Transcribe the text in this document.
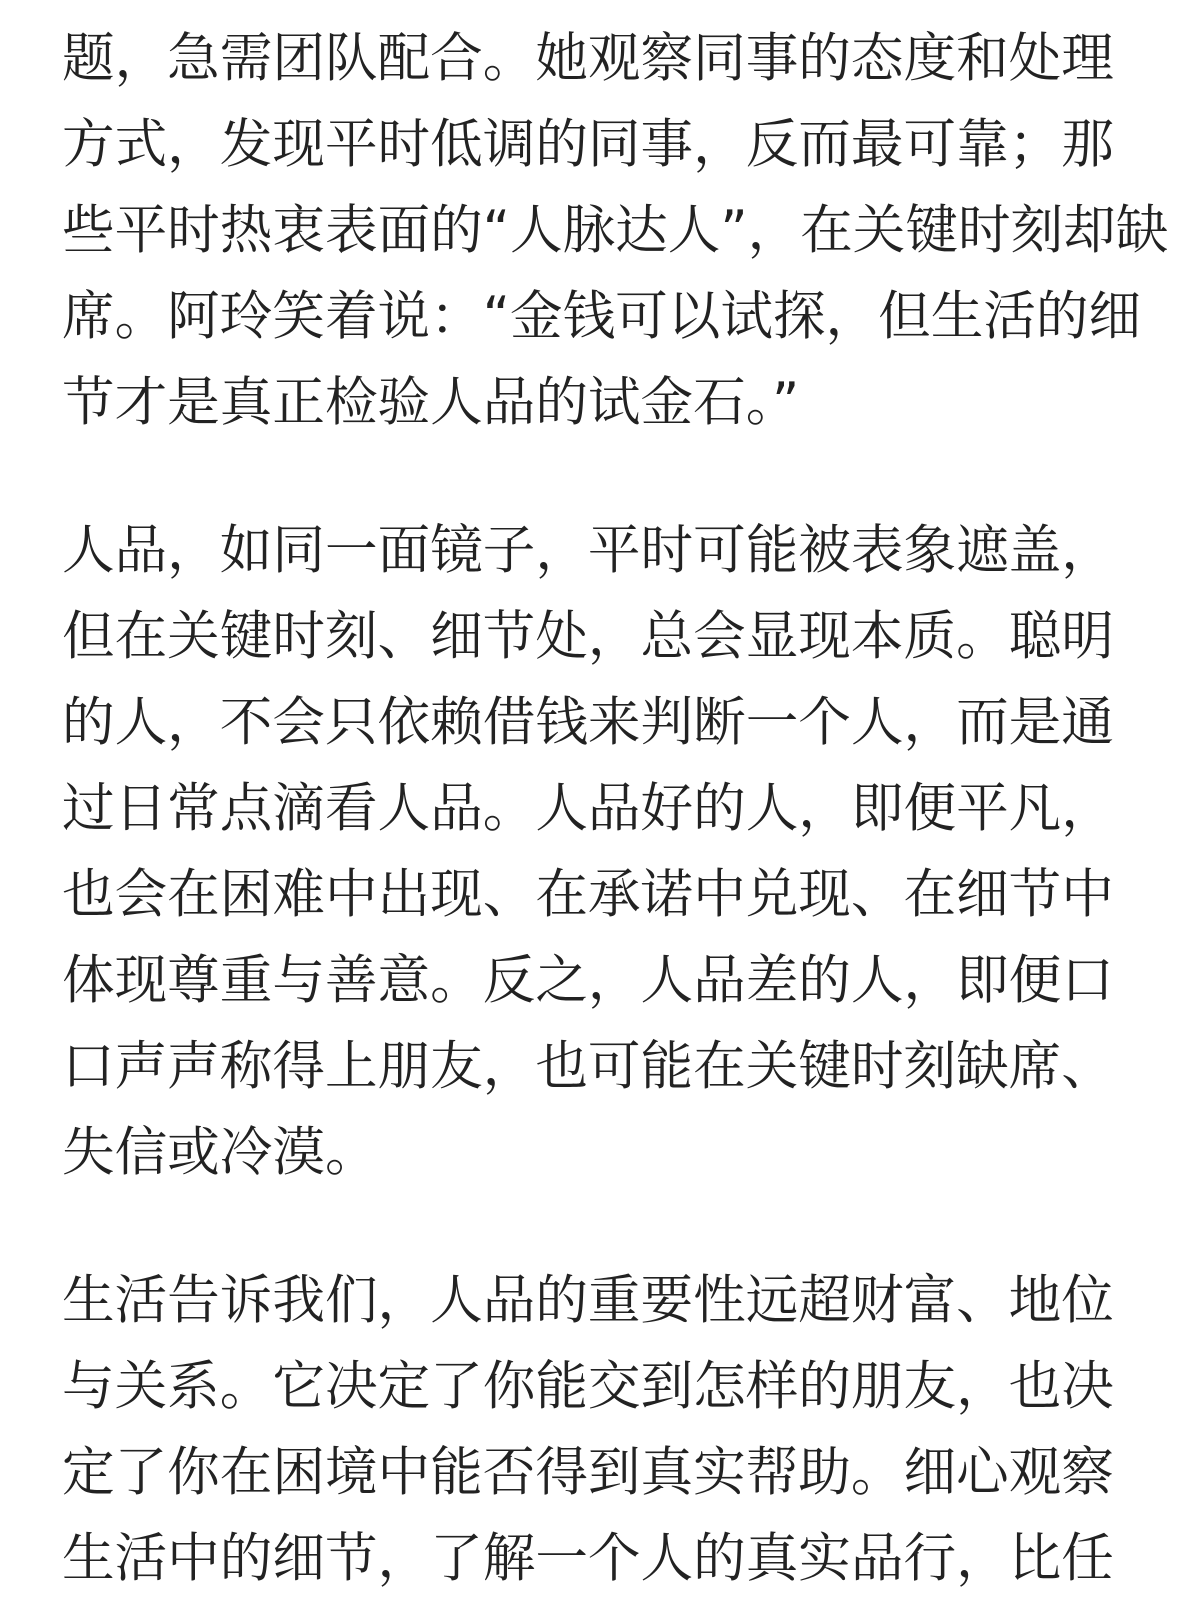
题，急需团队配合。她观察同事的态度和处理
方式，发现平时低调的同事，反而最可靠；那
些平时热衷表面的“人脉达人”，在关键时刻却缺
席。阿玲笑着说：“金钱可以试探，但生活的细
节才是真正检验人品的试金石。”
人品，如同一面镜子，平时可能被表象遮盖，
但在关键时刻、细节处，总会显现本质。聪明
的人，不会只依赖借钱来判断一个人，而是通
过日常点滴看人品。人品好的人，即便平凡，
也会在困难中出现、在承诺中兑现、在细节中
体现尊重与善意。反之，人品差的人，即便口
口声声称得上朋友，也可能在关键时刻缺席、
失信或冷漠。
生活告诉我们，人品的重要性远超财富、地位
与关系。它决定了你能交到怎样的朋友，也决
定了你在困境中能否得到真实帮助。细心观察
生活中的细节，了解一个人的真实品行，比任
